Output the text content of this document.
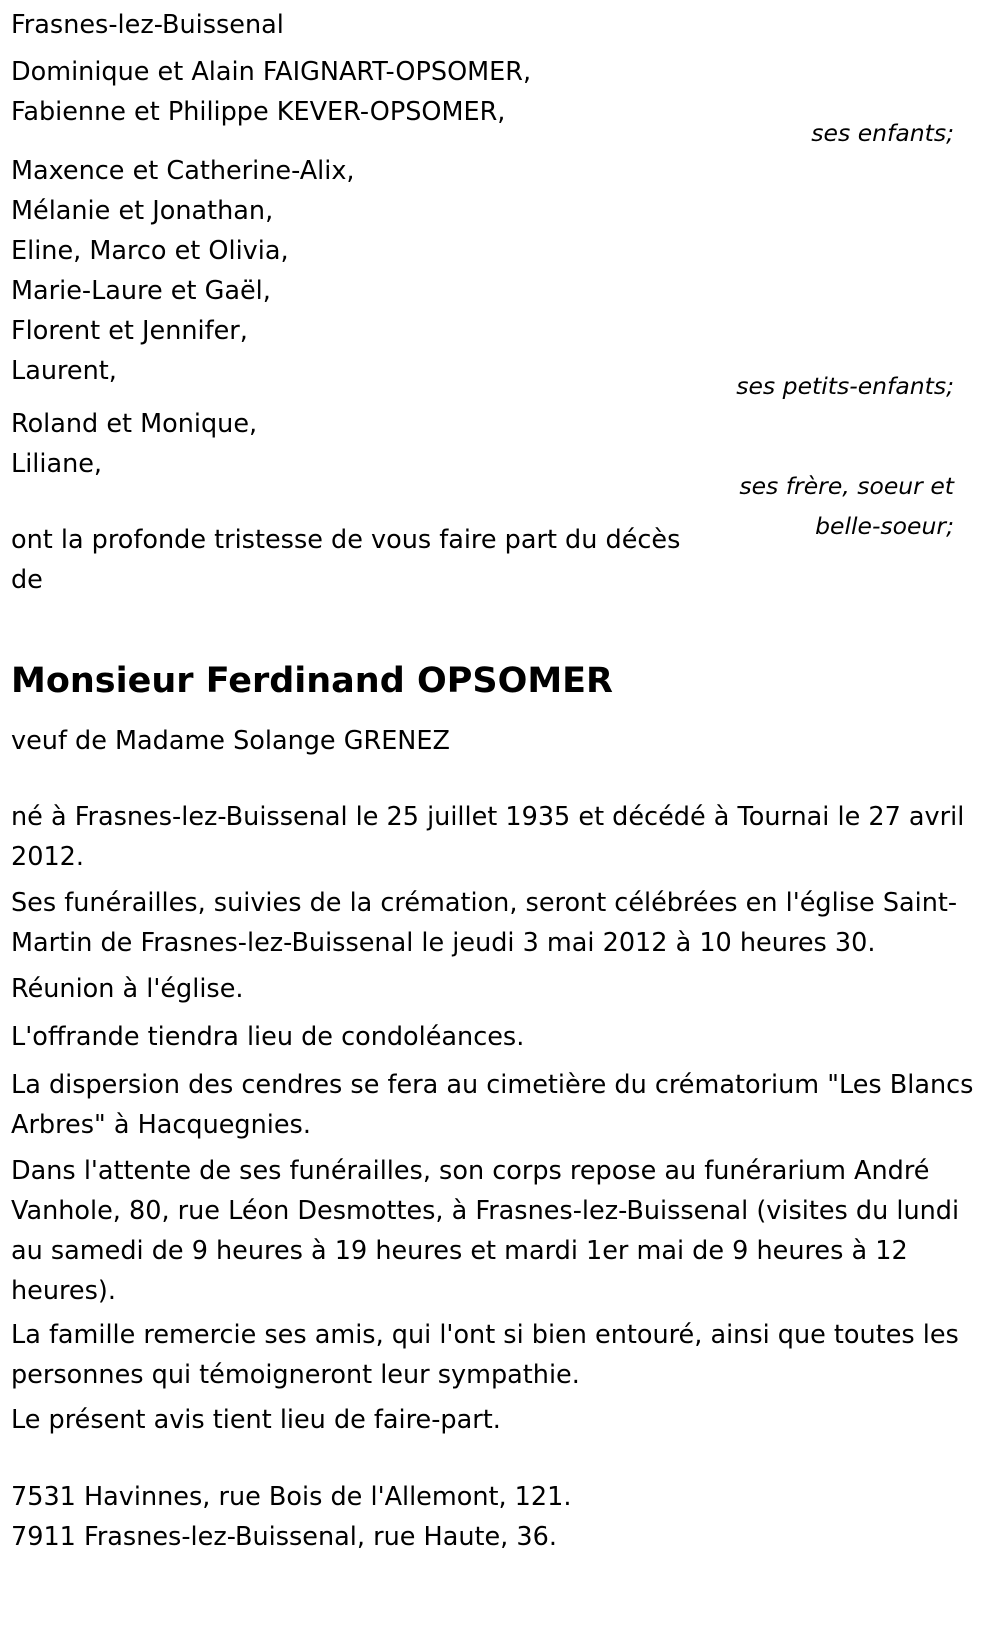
Frasnes-lez-Buissenal
Dominique et Alain FAIGNART-OPSOMER,
Fabienne et Philippe KEVER-OPSOMER,
ses enfants;
Maxence et Catherine-Alix,
Mélanie et Jonathan,
Eline, Marco et Olivia,
Marie-Laure et Gaël,
Florent et Jennifer,
Laurent,	ses petits-enfants;
Roland et Monique,
Liliane,
ses frère, soeur et
belle-soeur;
ont la profonde tristesse de vous faire part du décès
de
Monsieur Ferdinand OPSOMER
veuf de Madame Solange GRENEZ

né à Frasnes-lez-Buissenal le 25 juillet 1935 et décédé à Tournai le 27 avril 2012.

Ses funérailles, suivies de la crémation, seront célébrées en l'église Saint-Martin de Frasnes-lez-Buissenal le jeudi 3 mai 2012 à 10 heures 30.

Réunion à l'église.

L'offrande tiendra lieu de condoléances.

La dispersion des cendres se fera au cimetière du crématorium "Les Blancs Arbres" à Hacquegnies.

Dans l'attente de ses funérailles, son corps repose au funérarium André Vanhole, 80, rue Léon Desmottes, à Frasnes-lez-Buissenal (visites du lundi au samedi de 9 heures à 19 heures et mardi 1er mai de 9 heures à 12 heures).

La famille remercie ses amis, qui l'ont si bien entouré, ainsi que toutes les personnes qui témoigneront leur sympathie.

Le présent avis tient lieu de faire-part.

7531 Havinnes, rue Bois de l'Allemont, 121.
7911 Frasnes-lez-Buissenal, rue Haute, 36.
